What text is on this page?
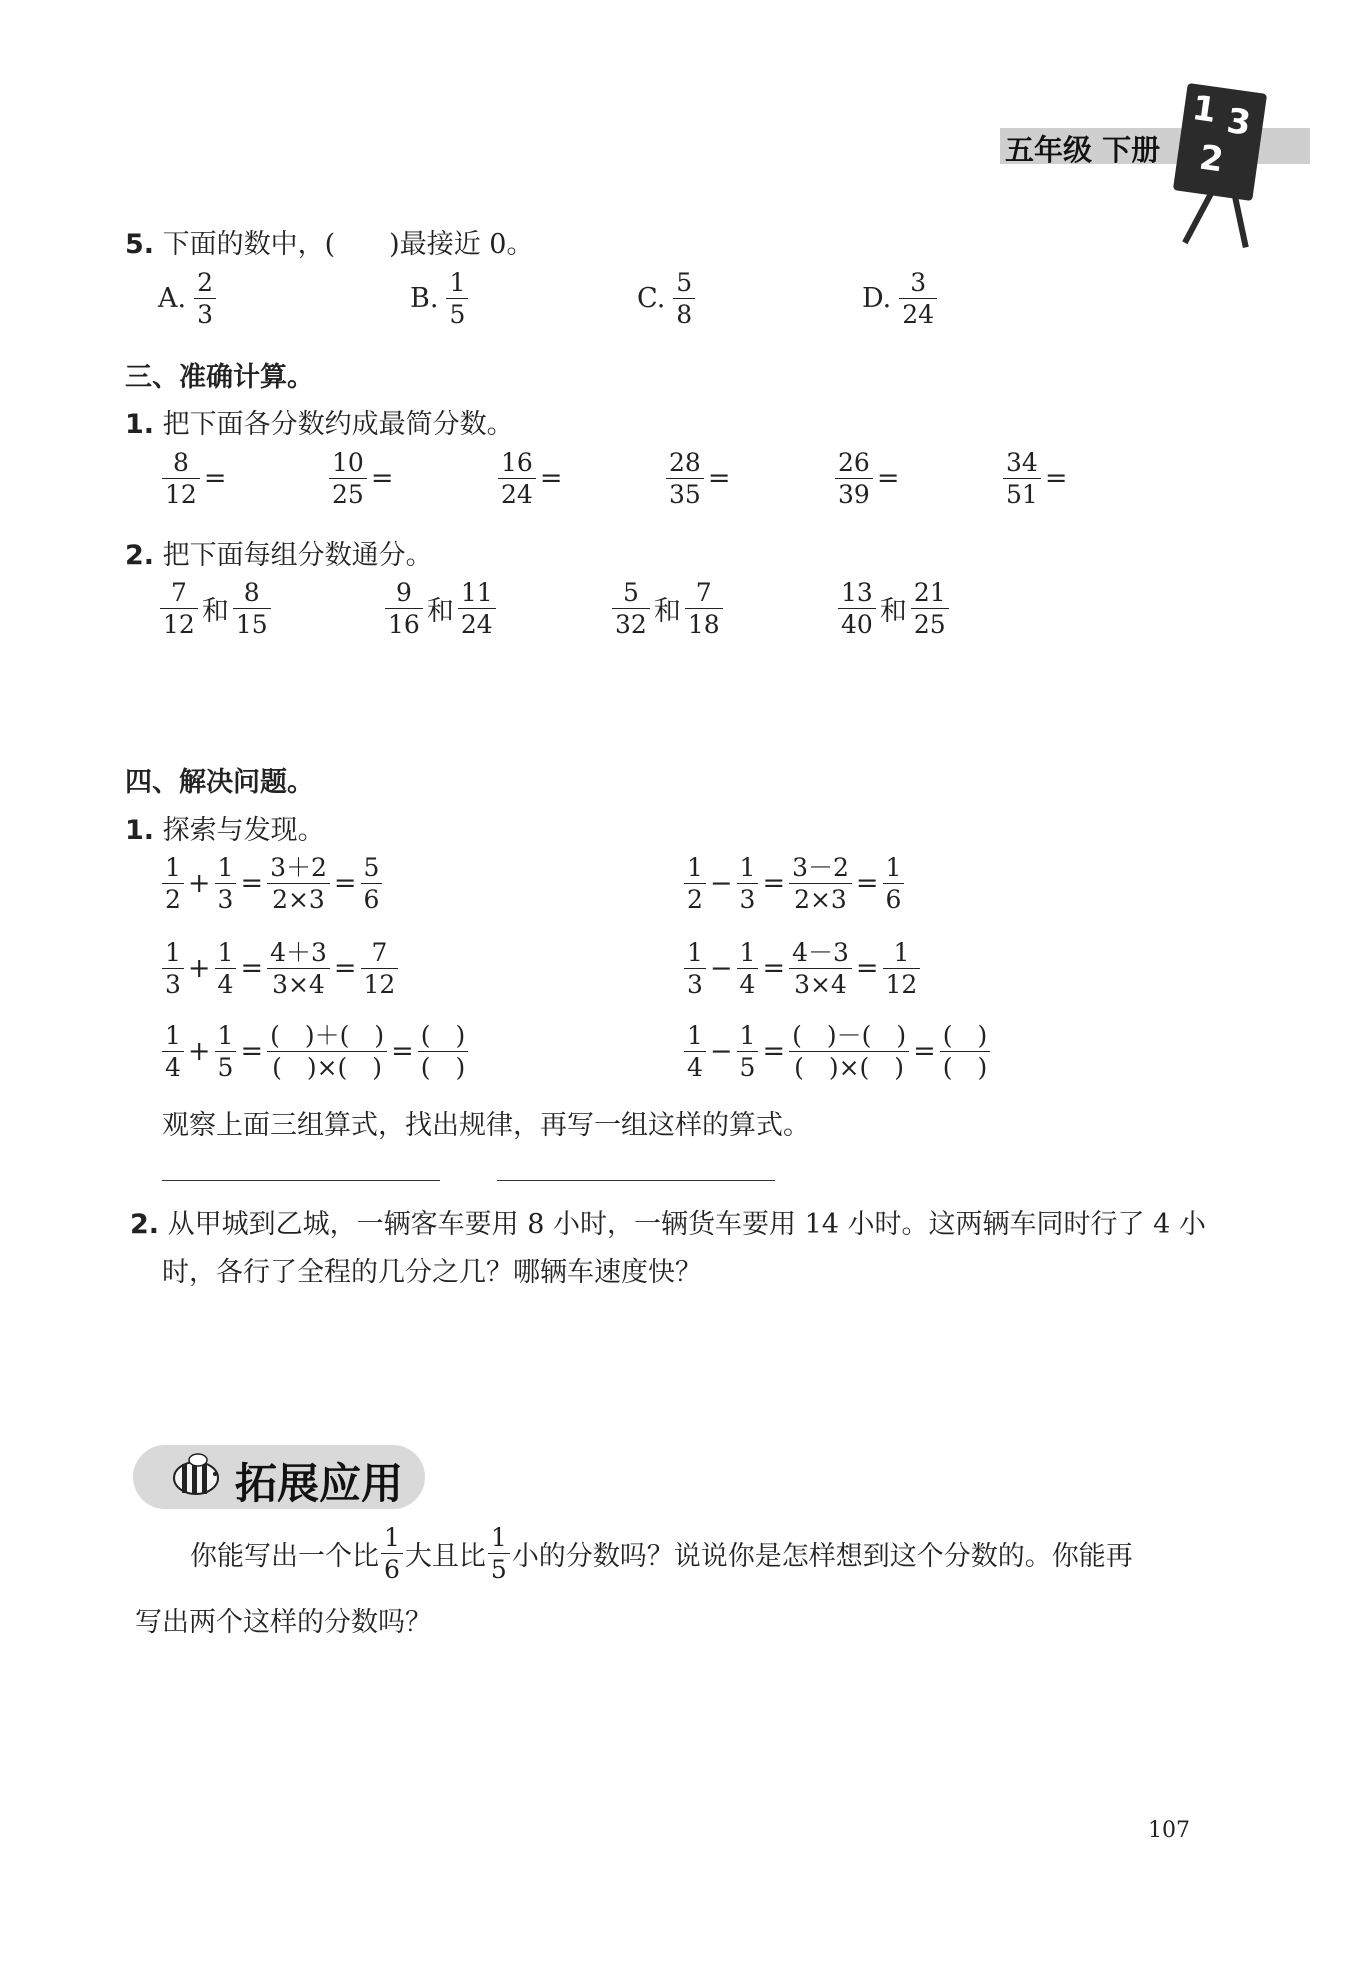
五年级 下册
1 3
2
5. 下面的数中，(　　)最接近 0。
A. $\frac{2}{3}$	B. $\frac{1}{5}$	C. $\frac{5}{8}$	D. $\frac{3}{24}$
三、准确计算。
1. 把下面各分数约成最简分数。
$\frac{8}{12}$ =	$\frac{10}{25}$ =	$\frac{16}{24}$ =	$\frac{28}{35}$ =	$\frac{26}{39}$ =	$\frac{34}{51}$ =
2. 把下面每组分数通分。
$\frac{7}{12}$ 和 $\frac{8}{15}$	$\frac{9}{16}$ 和 $\frac{11}{24}$	$\frac{5}{32}$ 和 $\frac{7}{18}$	$\frac{13}{40}$ 和 $\frac{21}{25}$
四、解决问题。
1. 探索与发现。
$\frac{1}{2} + \frac{1}{3} = \frac{3+2}{2\times 3} = \frac{5}{6}$	$\frac{1}{2} - \frac{1}{3} = \frac{3-2}{2\times 3} = \frac{1}{6}$
$\frac{1}{3} + \frac{1}{4} = \frac{4+3}{3\times 4} = \frac{7}{12}$	$\frac{1}{3} - \frac{1}{4} = \frac{4-3}{3\times 4} = \frac{1}{12}$
$\frac{1}{4} + \frac{1}{5} = \frac{( )+( )}{( )\times( )} = \frac{( )}{( )}$	$\frac{1}{4} - \frac{1}{5} = \frac{( )-( )}{( )\times( )} = \frac{( )}{( )}$
观察上面三组算式，找出规律，再写一组这样的算式。
2. 从甲城到乙城，一辆客车要用 8 小时，一辆货车要用 14 小时。这两辆车同时行了 4 小
时，各行了全程的几分之几？哪辆车速度快？
拓展应用
你能写出一个比 $\frac{1}{6}$ 大且比 $\frac{1}{5}$ 小的分数吗？说说你是怎样想到这个分数的。你能再
写出两个这样的分数吗？
107
